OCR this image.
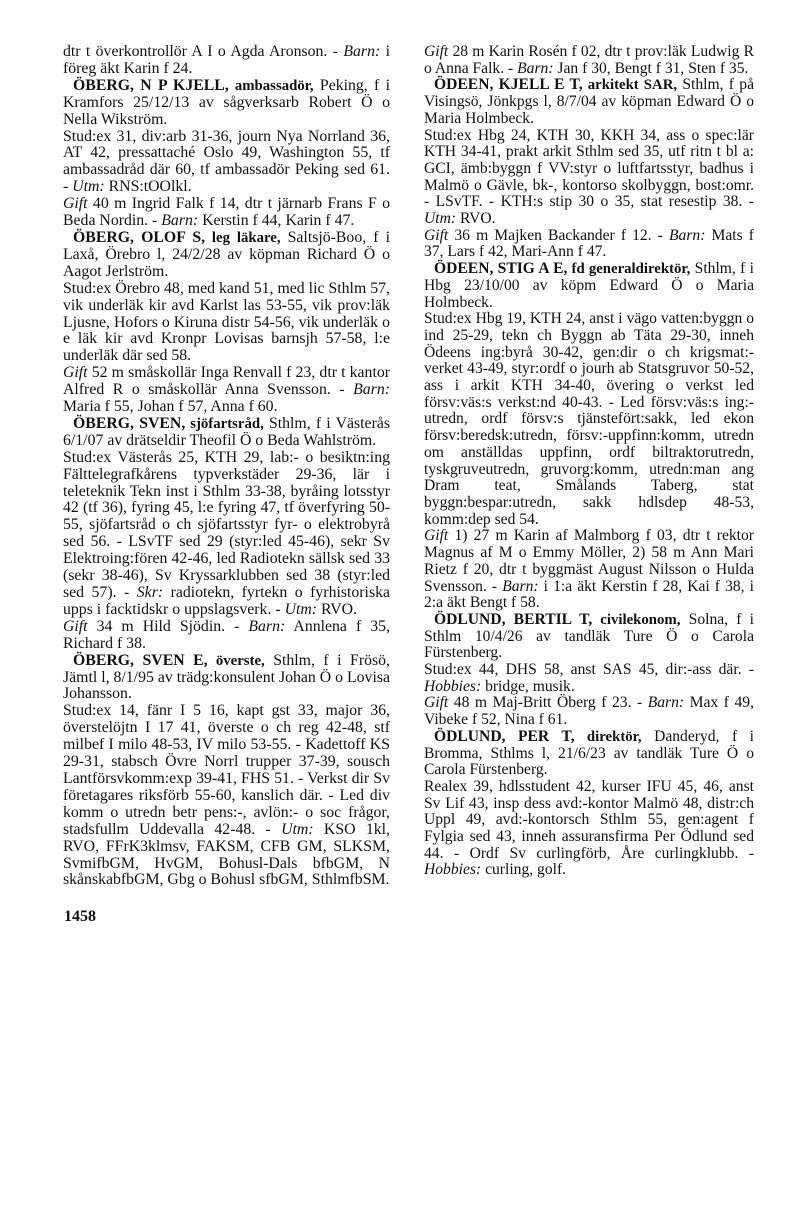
dtr t överkontrollör A I o Agda Aronson. - Barn: i föreg äkt Karin f 24.

ÖBERG, N P KJELL, ambassadör, Peking, f i Kramfors 25/12/13 av sågverksarb Robert Ö o Nella Wikström.

Stud:ex 31, div:arb 31-36, journ Nya Norrland 36, AT 42, pressattaché Oslo 49, Washington 55, tf ambassadråd där 60, tf ambassadör Peking sed 61. - Utm: RNS:tOOlkl.

Gift 40 m Ingrid Falk f 14, dtr t järnarb Frans F o Beda Nordin. - Barn: Kerstin f 44, Karin f 47.

ÖBERG, OLOF S, leg läkare, Saltsjö-Boo, f i Laxå, Örebro l, 24/2/28 av köpman Richard Ö o Aagot Jerlström.

Stud:ex Örebro 48, med kand 51, med lic Sthlm 57, vik underläk kir avd Karlst las 53-55, vik prov:läk Ljusne, Hofors o Kiruna distr 54-56, vik underläk o e läk kir avd Kronpr Lovisas barnsjh 57-58, l:e underläk där sed 58.

Gift 52 m småskollär Inga Renvall f 23, dtr t kantor Alfred R o småskollär Anna Svensson. - Barn: Maria f 55, Johan f 57, Anna f 60.

ÖBERG, SVEN, sjöfartsråd, Sthlm, f i Västerås 6/1/07 av drätseldir Theofil Ö o Beda Wahlström.

Stud:ex Västerås 25, KTH 29, lab:- o besiktn:ing Fälttelegrafkårens typverkstäder 29-36, lär i teleteknik Tekn inst i Sthlm 33-38, byråing lotsstyr 42 (tf 36), fyring 45, l:e fyring 47, tf överfyring 50-55, sjöfartsråd o ch sjöfartsstyr fyr- o elektrobyrå sed 56. - LSvTF sed 29 (styr:led 45-46), sekr Sv Elektroing:fören 42-46, led Radiotekn sällsk sed 33 (sekr 38-46), Sv Kryssarklubben sed 38 (styr:led sed 57). - Skr: radiotekn, fyrtekn o fyrhistoriska upps i facktidskr o uppslagsverk. - Utm: RVO.

Gift 34 m Hild Sjödin. - Barn: Annlena f 35, Richard f 38.

ÖBERG, SVEN E, överste, Sthlm, f i Frösö, Jämtl l, 8/1/95 av trädg:konsulent Johan Ö o Lovisa Johansson.

Stud:ex 14, fänr I 5 16, kapt gst 33, major 36, överstelöjtn I 17 41, överste o ch reg 42-48, stf milbef I milo 48-53, IV milo 53-55. - Kadettoff KS 29-31, stabsch Övre Norrl trupper 37-39, sousch Lantförsvkomm:exp 39-41, FHS 51. - Verkst dir Sv företagares riksförb 55-60, kanslich där. - Led div komm o utredn betr pens:-, avlön:- o soc frågor, stadsfullm Uddevalla 42-48. - Utm: KSO 1kl, RVO, FFrK3klmsv, FAKSM, CFB GM, SLKSM, SvmifbGM, HvGM, Bohusl-Dals bfbGM, N skånskabfbGM, Gbg o Bohusl sfbGM, SthlmfbSM.

Gift 28 m Karin Rosén f 02, dtr t prov:läk Ludwig R o Anna Falk. - Barn: Jan f 30, Bengt f 31, Sten f 35.

ÖDEEN, KJELL E T, arkitekt SAR, Sthlm, f på Visingsö, Jönkpgs l, 8/7/04 av köpman Edward Ö o Maria Holmbeck.

Stud:ex Hbg 24, KTH 30, KKH 34, ass o spec:lär KTH 34-41, prakt arkit Sthlm sed 35, utf ritn t bl a: GCI, ämb:byggn f VV:styr o luftfartsstyr, badhus i Malmö o Gävle, bk-, kontorso skolbyggn, bost:omr. - LSvTF. - KTH:s stip 30 o 35, stat resestip 38. - Utm: RVO.

Gift 36 m Majken Backander f 12. - Barn: Mats f 37, Lars f 42, Mari-Ann f 47.

ÖDEEN, STIG A E, fd generaldirektör, Sthlm, f i Hbg 23/10/00 av köpm Edward Ö o Maria Holmbeck.

Stud:ex Hbg 19, KTH 24, anst i vägo vatten:byggn o ind 25-29, tekn ch Byggn ab Täta 29-30, inneh Ödeens ing:byrå 30-42, gen:dir o ch krigsmat:-verket 43-49, styr:ordf o jourh ab Statsgruvor 50-52, ass i arkit KTH 34-40, övering o verkst led försv:väs:s verkst:nd 40-43. - Led försv:väs:s ing:-utredn, ordf försv:s tjänstefört:sakk, led ekon försv:beredsk:utredn, försv:-uppfinn:komm, utredn om anställdas uppfinn, ordf biltraktorutredn, tyskgruveutredn, gruvorg:komm, utredn:man ang Dram teat, Smålands Taberg, stat byggn:bespar:utredn, sakk hdlsdep 48-53, komm:dep sed 54.

Gift 1) 27 m Karin af Malmborg f 03, dtr t rektor Magnus af M o Emmy Möller, 2) 58 m Ann Mari Rietz f 20, dtr t byggmäst August Nilsson o Hulda Svensson. - Barn: i 1:a äkt Kerstin f 28, Kai f 38, i 2:a äkt Bengt f 58.

ÖDLUND, BERTIL T, civilekonom, Solna, f i Sthlm 10/4/26 av tandläk Ture Ö o Carola Fürstenberg.

Stud:ex 44, DHS 58, anst SAS 45, dir:-ass där. - Hobbies: bridge, musik.

Gift 48 m Maj-Britt Öberg f 23. - Barn: Max f 49, Vibeke f 52, Nina f 61.

ÖDLUND, PER T, direktör, Danderyd, f i Bromma, Sthlms l, 21/6/23 av tandläk Ture Ö o Carola Fürstenberg.

Realex 39, hdlsstudent 42, kurser IFU 45, 46, anst Sv Lif 43, insp dess avd:-kontor Malmö 48, distr:ch Uppl 49, avd:-kontorsch Sthlm 55, gen:agent f Fylgia sed 43, inneh assuransfirma Per Ödlund sed 44. - Ordf Sv curlingförb, Åre curlingklubb. - Hobbies: curling, golf.

1458
